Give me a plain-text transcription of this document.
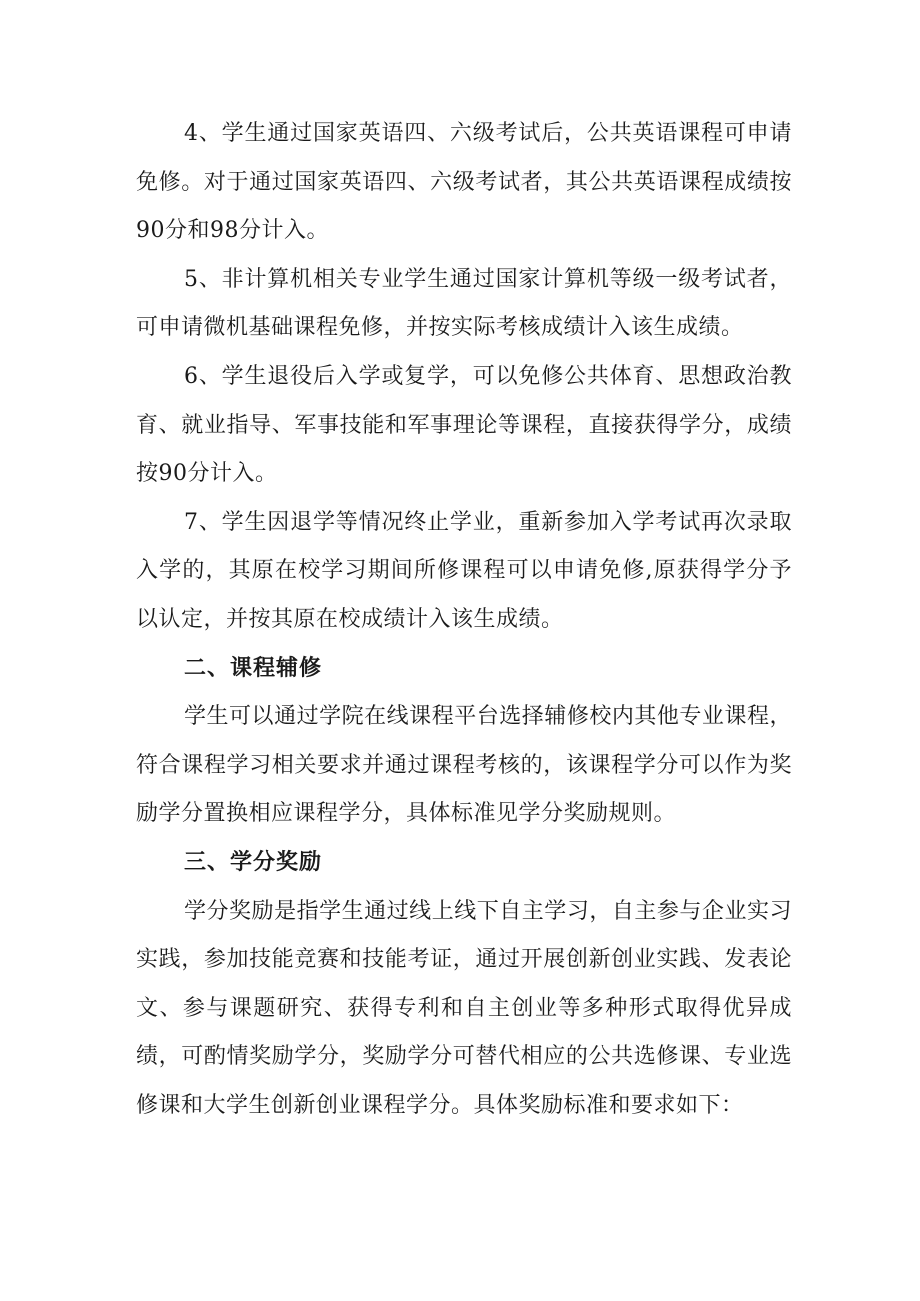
4、学生通过国家英语四、六级考试后，公共英语课程可申请免修。对于通过国家英语四、六级考试者，其公共英语课程成绩按90分和98分计入。

5、非计算机相关专业学生通过国家计算机等级一级考试者，可申请微机基础课程免修，并按实际考核成绩计入该生成绩。

6、学生退役后入学或复学，可以免修公共体育、思想政治教育、就业指导、军事技能和军事理论等课程，直接获得学分，成绩按90分计入。

7、学生因退学等情况终止学业，重新参加入学考试再次录取入学的，其原在校学习期间所修课程可以申请免修,原获得学分予以认定，并按其原在校成绩计入该生成绩。

二、课程辅修

学生可以通过学院在线课程平台选择辅修校内其他专业课程，符合课程学习相关要求并通过课程考核的，该课程学分可以作为奖励学分置换相应课程学分，具体标准见学分奖励规则。

三、学分奖励

学分奖励是指学生通过线上线下自主学习，自主参与企业实习实践，参加技能竞赛和技能考证，通过开展创新创业实践、发表论文、参与课题研究、获得专利和自主创业等多种形式取得优异成绩，可酌情奖励学分，奖励学分可替代相应的公共选修课、专业选修课和大学生创新创业课程学分。具体奖励标准和要求如下：
